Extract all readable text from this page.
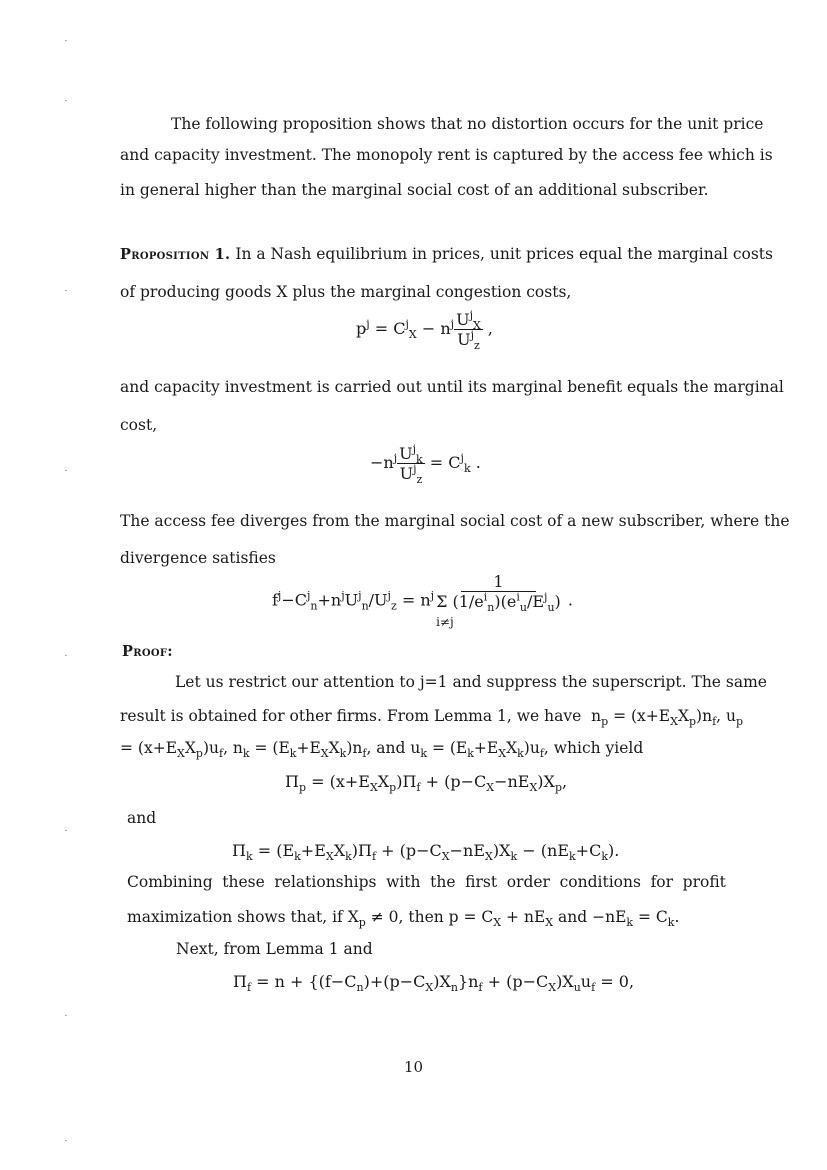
The following proposition shows that no distortion occurs for the unit price
and capacity investment. The monopoly rent is captured by the access fee which is
in general higher than the marginal social cost of an additional subscriber.
Proposition 1. In a Nash equilibrium in prices, unit prices equal the marginal costs
of producing goods X plus the marginal congestion costs,
$p^j = C^j_X - n^j \frac{U^j_X}{U^j_z}$ ,
and capacity investment is carried out until its marginal benefit equals the marginal
cost,
$-n^j \frac{U^j_k}{U^j_z} = C^j_k$ .
The access fee diverges from the marginal social cost of a new subscriber, where the
divergence satisfies
$f^j-C^j_n+n^jU^j_n/U^j_z = n^j$
1
Σ $(1/e^i_n)(e^i_u/E^j_u)$
i≠j
.
Proof:
Let us restrict our attention to j=1 and suppress the superscript. The same
result is obtained for other firms. From Lemma 1, we have  $n_p = (x+E_XX_p)n_f$, $u_p$
= $(x+E_XX_p)u_f$, $n_k = (E_k+E_XX_k)n_f$, and $u_k = (E_k+E_XX_k)u_f$, which yield
$\Pi_p = (x+E_XX_p)\Pi_f + (p-C_X-nE_X)X_p$,
and
$\Pi_k = (E_k+E_XX_k)\Pi_f + (p-C_X-nE_X)X_k - (nE_k+C_k)$.
Combining these relationships with the first order conditions for profit
maximization shows that, if $X_p \ne 0$, then $p = C_X + nE_X$ and $-nE_k = C_k$.
Next, from Lemma 1 and
$\Pi_f = n + \{(f-C_n)+(p-C_X)X_n\}n_f + (p-C_X)X_uu_f = 0$,
10
